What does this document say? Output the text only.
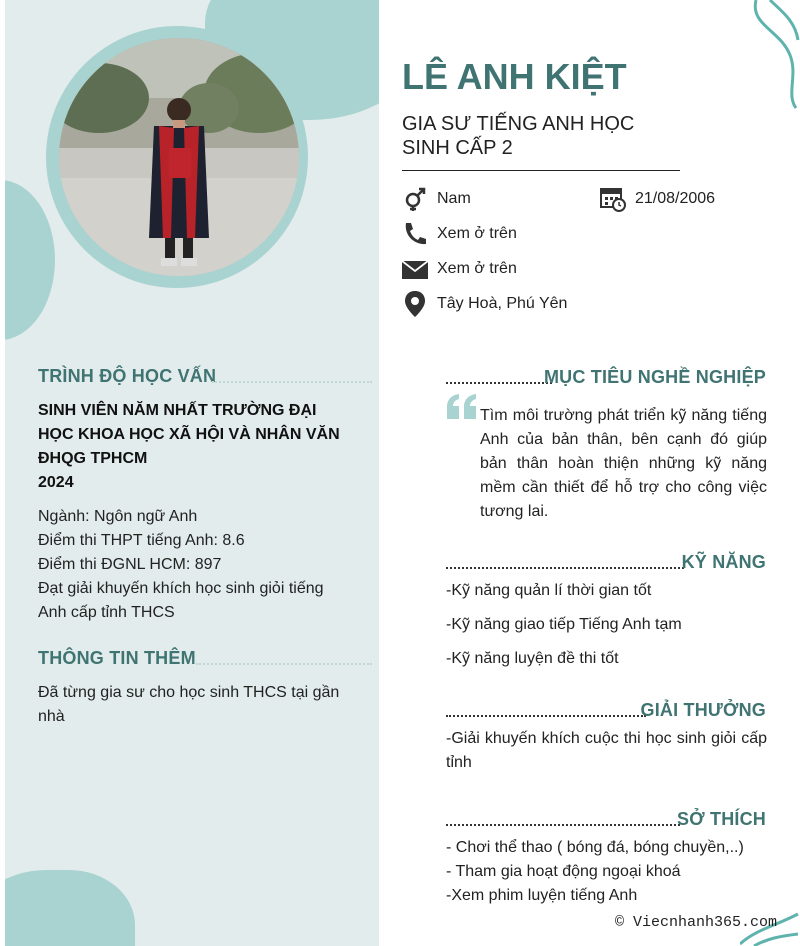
TRÌNH ĐỘ HỌC VẤN
SINH VIÊN NĂM NHẤT TRƯỜNG ĐẠI
HỌC KHOA HỌC XÃ HỘI VÀ NHÂN VĂN
ĐHQG TPHCM
2024
Ngành: Ngôn ngữ Anh
Điểm thi THPT tiếng Anh: 8.6
Điểm thi ĐGNL HCM: 897
Đạt giải khuyến khích học sinh giỏi tiếng
Anh cấp tỉnh THCS
THÔNG TIN THÊM
Đã từng gia sư cho học sinh THCS tại gần
nhà
LÊ ANH KIỆT
GIA SƯ TIẾNG ANH HỌC
SINH CẤP 2
Nam	21/08/2006
Xem ở trên
Xem ở trên
Tây Hoà, Phú Yên
MỤC TIÊU NGHỀ NGHIỆP
Tìm môi trường phát triển kỹ năng tiếng Anh của bản thân, bên cạnh đó giúp bản thân hoàn thiện những kỹ năng mềm cần thiết để hỗ trợ cho công việc tương lai.
KỸ NĂNG
-Kỹ năng quản lí thời gian tốt
-Kỹ năng giao tiếp Tiếng Anh tạm
-Kỹ năng luyện đề thi tốt
GIẢI THƯỞNG
-Giải khuyến khích cuộc thi học sinh giỏi cấp tỉnh
SỞ THÍCH
- Chơi thể thao ( bóng đá, bóng chuyền,..)
- Tham gia hoạt động ngoại khoá
-Xem phim luyện tiếng Anh
© Viecnhanh365.com
